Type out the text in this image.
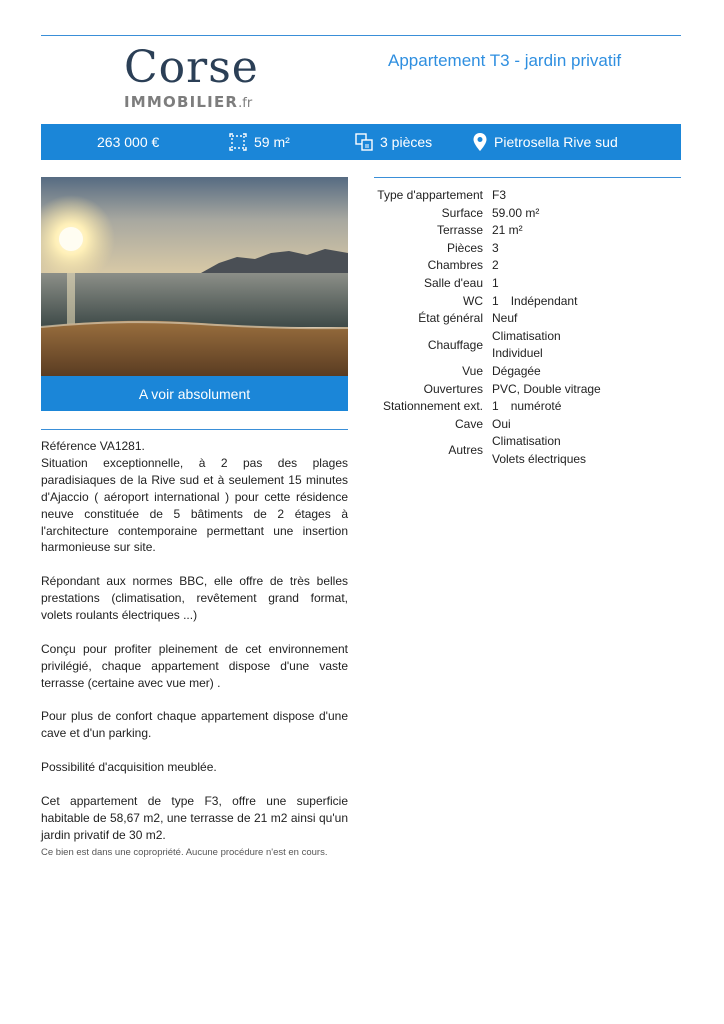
Corse
IMMOBILIER.fr
Appartement T3 - jardin privatif
263 000 €	59 m²	3 pièces	Pietrosella Rive sud
A voir absolument

Référence VA1281.

Situation exceptionnelle, à 2 pas des plages paradisiaques de la Rive sud et à seulement 15 minutes d'Ajaccio ( aéroport international ) pour cette résidence neuve constituée de 5 bâtiments de 2 étages à l'architecture contemporaine permettant une insertion harmonieuse sur site.

Répondant aux normes BBC, elle offre de très belles prestations (climatisation, revêtement grand format, volets roulants électriques ...)

Conçu pour profiter pleinement de cet environnement privilégié, chaque appartement dispose d'une vaste terrasse (certaine avec vue mer) .

Pour plus de confort chaque appartement dispose d'une cave et d'un parking.

Possibilité d'acquisition meublée.

Cet appartement de type F3, offre une superficie habitable de 58,67 m2, une terrasse de 21 m2 ainsi qu'un jardin privatif de 30 m2.

Ce bien est dans une copropriété. Aucune procédure n'est en cours.

Type d'appartement	F3
Surface	59.00 m²
Terrasse	21 m²
Pièces	3
Chambres	2
Salle d'eau	1
WC	1 Indépendant
État général	Neuf
Chauffage	Climatisation
Individuel

Vue	Dégagée
Ouvertures	PVC, Double vitrage
Stationnement ext.	1 numéroté
Cave	Oui
Autres	Climatisation
Volets électriques
